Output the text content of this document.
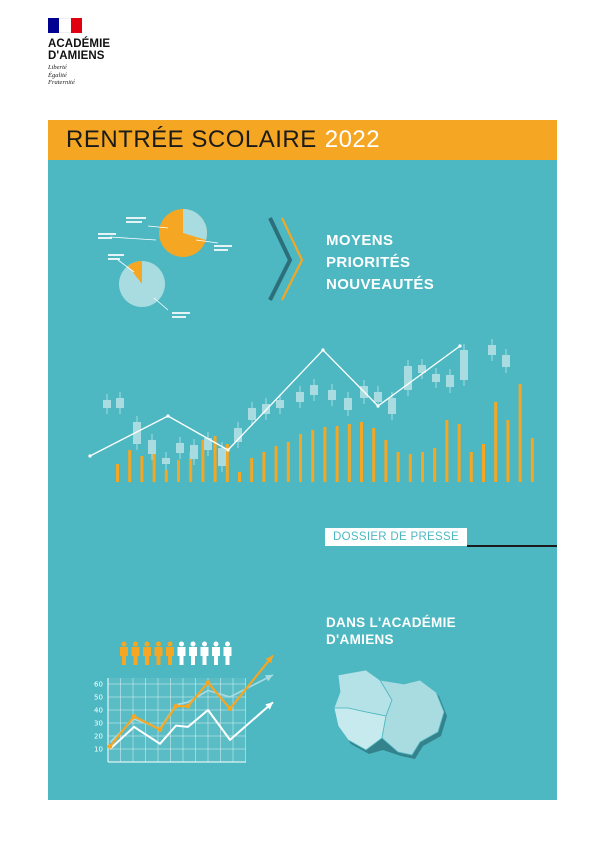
ACADÉMIE
D'AMIENS
Liberté
Égalité
Fraternité
RENTRÉE SCOLAIRE 2022
60
50
40
30
20
10
MOYENS
PRIORITÉS
NOUVEAUTÉS
DOSSIER DE PRESSE
DANS L'ACADÉMIE
D'AMIENS
